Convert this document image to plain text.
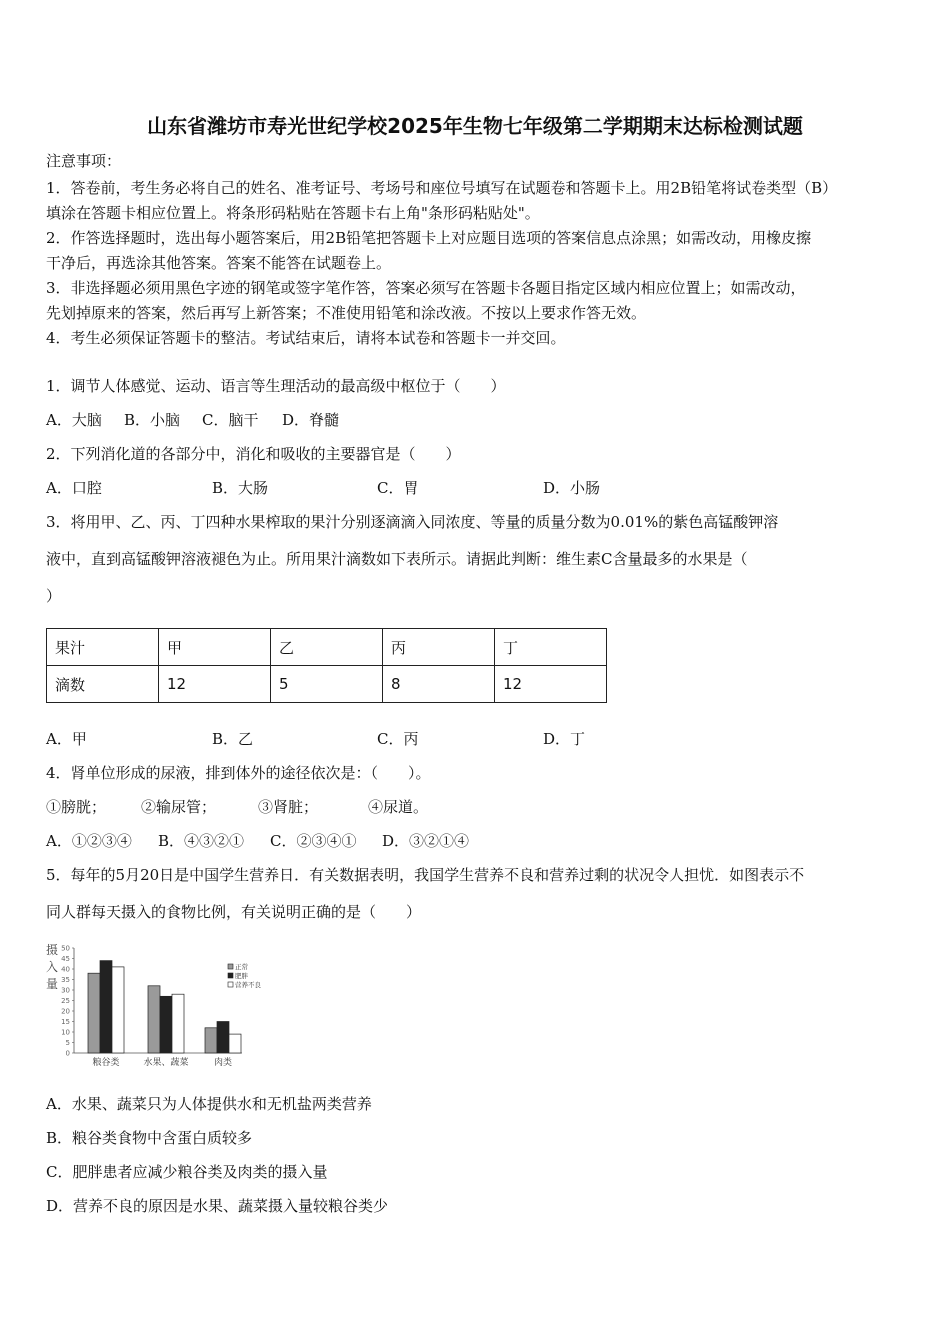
山东省潍坊市寿光世纪学校2025年生物七年级第二学期期末达标检测试题
注意事项：
1．答卷前，考生务必将自己的姓名、准考证号、考场号和座位号填写在试题卷和答题卡上。用2B铅笔将试卷类型（B）
填涂在答题卡相应位置上。将条形码粘贴在答题卡右上角"条形码粘贴处"。
2．作答选择题时，选出每小题答案后，用2B铅笔把答题卡上对应题目选项的答案信息点涂黑；如需改动，用橡皮擦
干净后，再选涂其他答案。答案不能答在试题卷上。
3．非选择题必须用黑色字迹的钢笔或签字笔作答，答案必须写在答题卡各题目指定区域内相应位置上；如需改动，
先划掉原来的答案，然后再写上新答案；不准使用铅笔和涂改液。不按以上要求作答无效。
4．考生必须保证答题卡的整洁。考试结束后，请将本试卷和答题卡一并交回。
1．调节人体感觉、运动、语言等生理活动的最高级中枢位于（　　）
A．大脑 B．小脑 C．脑干 D．脊髓
2．下列消化道的各部分中，消化和吸收的主要器官是（　　）
A．口腔	B．大肠	C．胃	D．小肠
3．将用甲、乙、丙、丁四种水果榨取的果汁分别逐滴滴入同浓度、等量的质量分数为0.01%的紫色高锰酸钾溶
液中，直到高锰酸钾溶液褪色为止。所用果汁滴数如下表所示。请据此判断：维生素C含量最多的水果是（
）
果汁	甲	乙	丙	丁
滴数	12	5	8	12
A．甲	B．乙	C．丙	D．丁
4．肾单位形成的尿液，排到体外的途径依次是：（　　）。
①膀胱； ②输尿管；	③肾脏；	④尿道。
A．①②③④ B．④③②① C．②③④① D．③②①④
5．每年的5月20日是中国学生营养日．有关数据表明，我国学生营养不良和营养过剩的状况令人担忧．如图表示不
同人群每天摄入的食物比例，有关说明正确的是（　　）
摄
入
量
0
5
10
15
20
25
30
35
40
45
50
粮谷类	水果、蔬菜	肉类
正常
肥胖
营养不良
A．水果、蔬菜只为人体提供水和无机盐两类营养
B．粮谷类食物中含蛋白质较多
C．肥胖患者应减少粮谷类及肉类的摄入量
D．营养不良的原因是水果、蔬菜摄入量较粮谷类少
